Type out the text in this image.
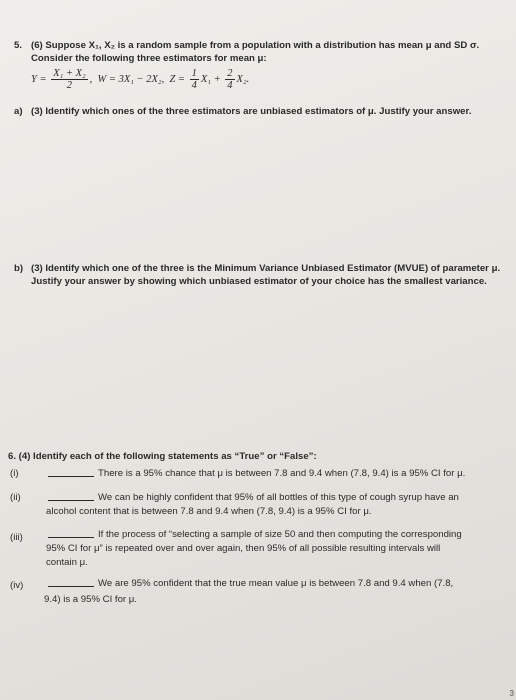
5. (6) Suppose X₁, X₂ is a random sample from a population with a distribution has mean μ and SD σ.
Consider the following three estimators for mean μ:
$Y = \frac{\text{X₁ + X₂}}{2}$ , W = 3X₁ − 2X₂, $Z = \frac{1}{4} X_1 + \frac{2}{4} X_2$.
a) (3) Identify which ones of the three estimators are unbiased estimators of μ. Justify your answer.
b) (3) Identify which one of the three is the Minimum Variance Unbiased Estimator (MVUE) of parameter μ.
Justify your answer by showing which unbiased estimator of your choice has the smallest variance.
6. (4) Identify each of the following statements as “True” or “False”:
(i)	There is a 95% chance that μ is between 7.8 and 9.4 when (7.8, 9.4) is a 95% CI for μ.
(ii)	We can be highly confident that 95% of all bottles of this type of cough syrup have an
alcohol content that is between 7.8 and 9.4 when (7.8, 9.4) is a 95% CI for μ.
(iii)	If the process of “selecting a sample of size 50 and then computing the corresponding
95% CI for μ” is repeated over and over again, then 95% of all possible resulting intervals will
contain μ.
(iv)	We are 95% confident that the true mean value μ is between 7.8 and 9.4 when (7.8,
9.4) is a 95% CI for μ.
3
